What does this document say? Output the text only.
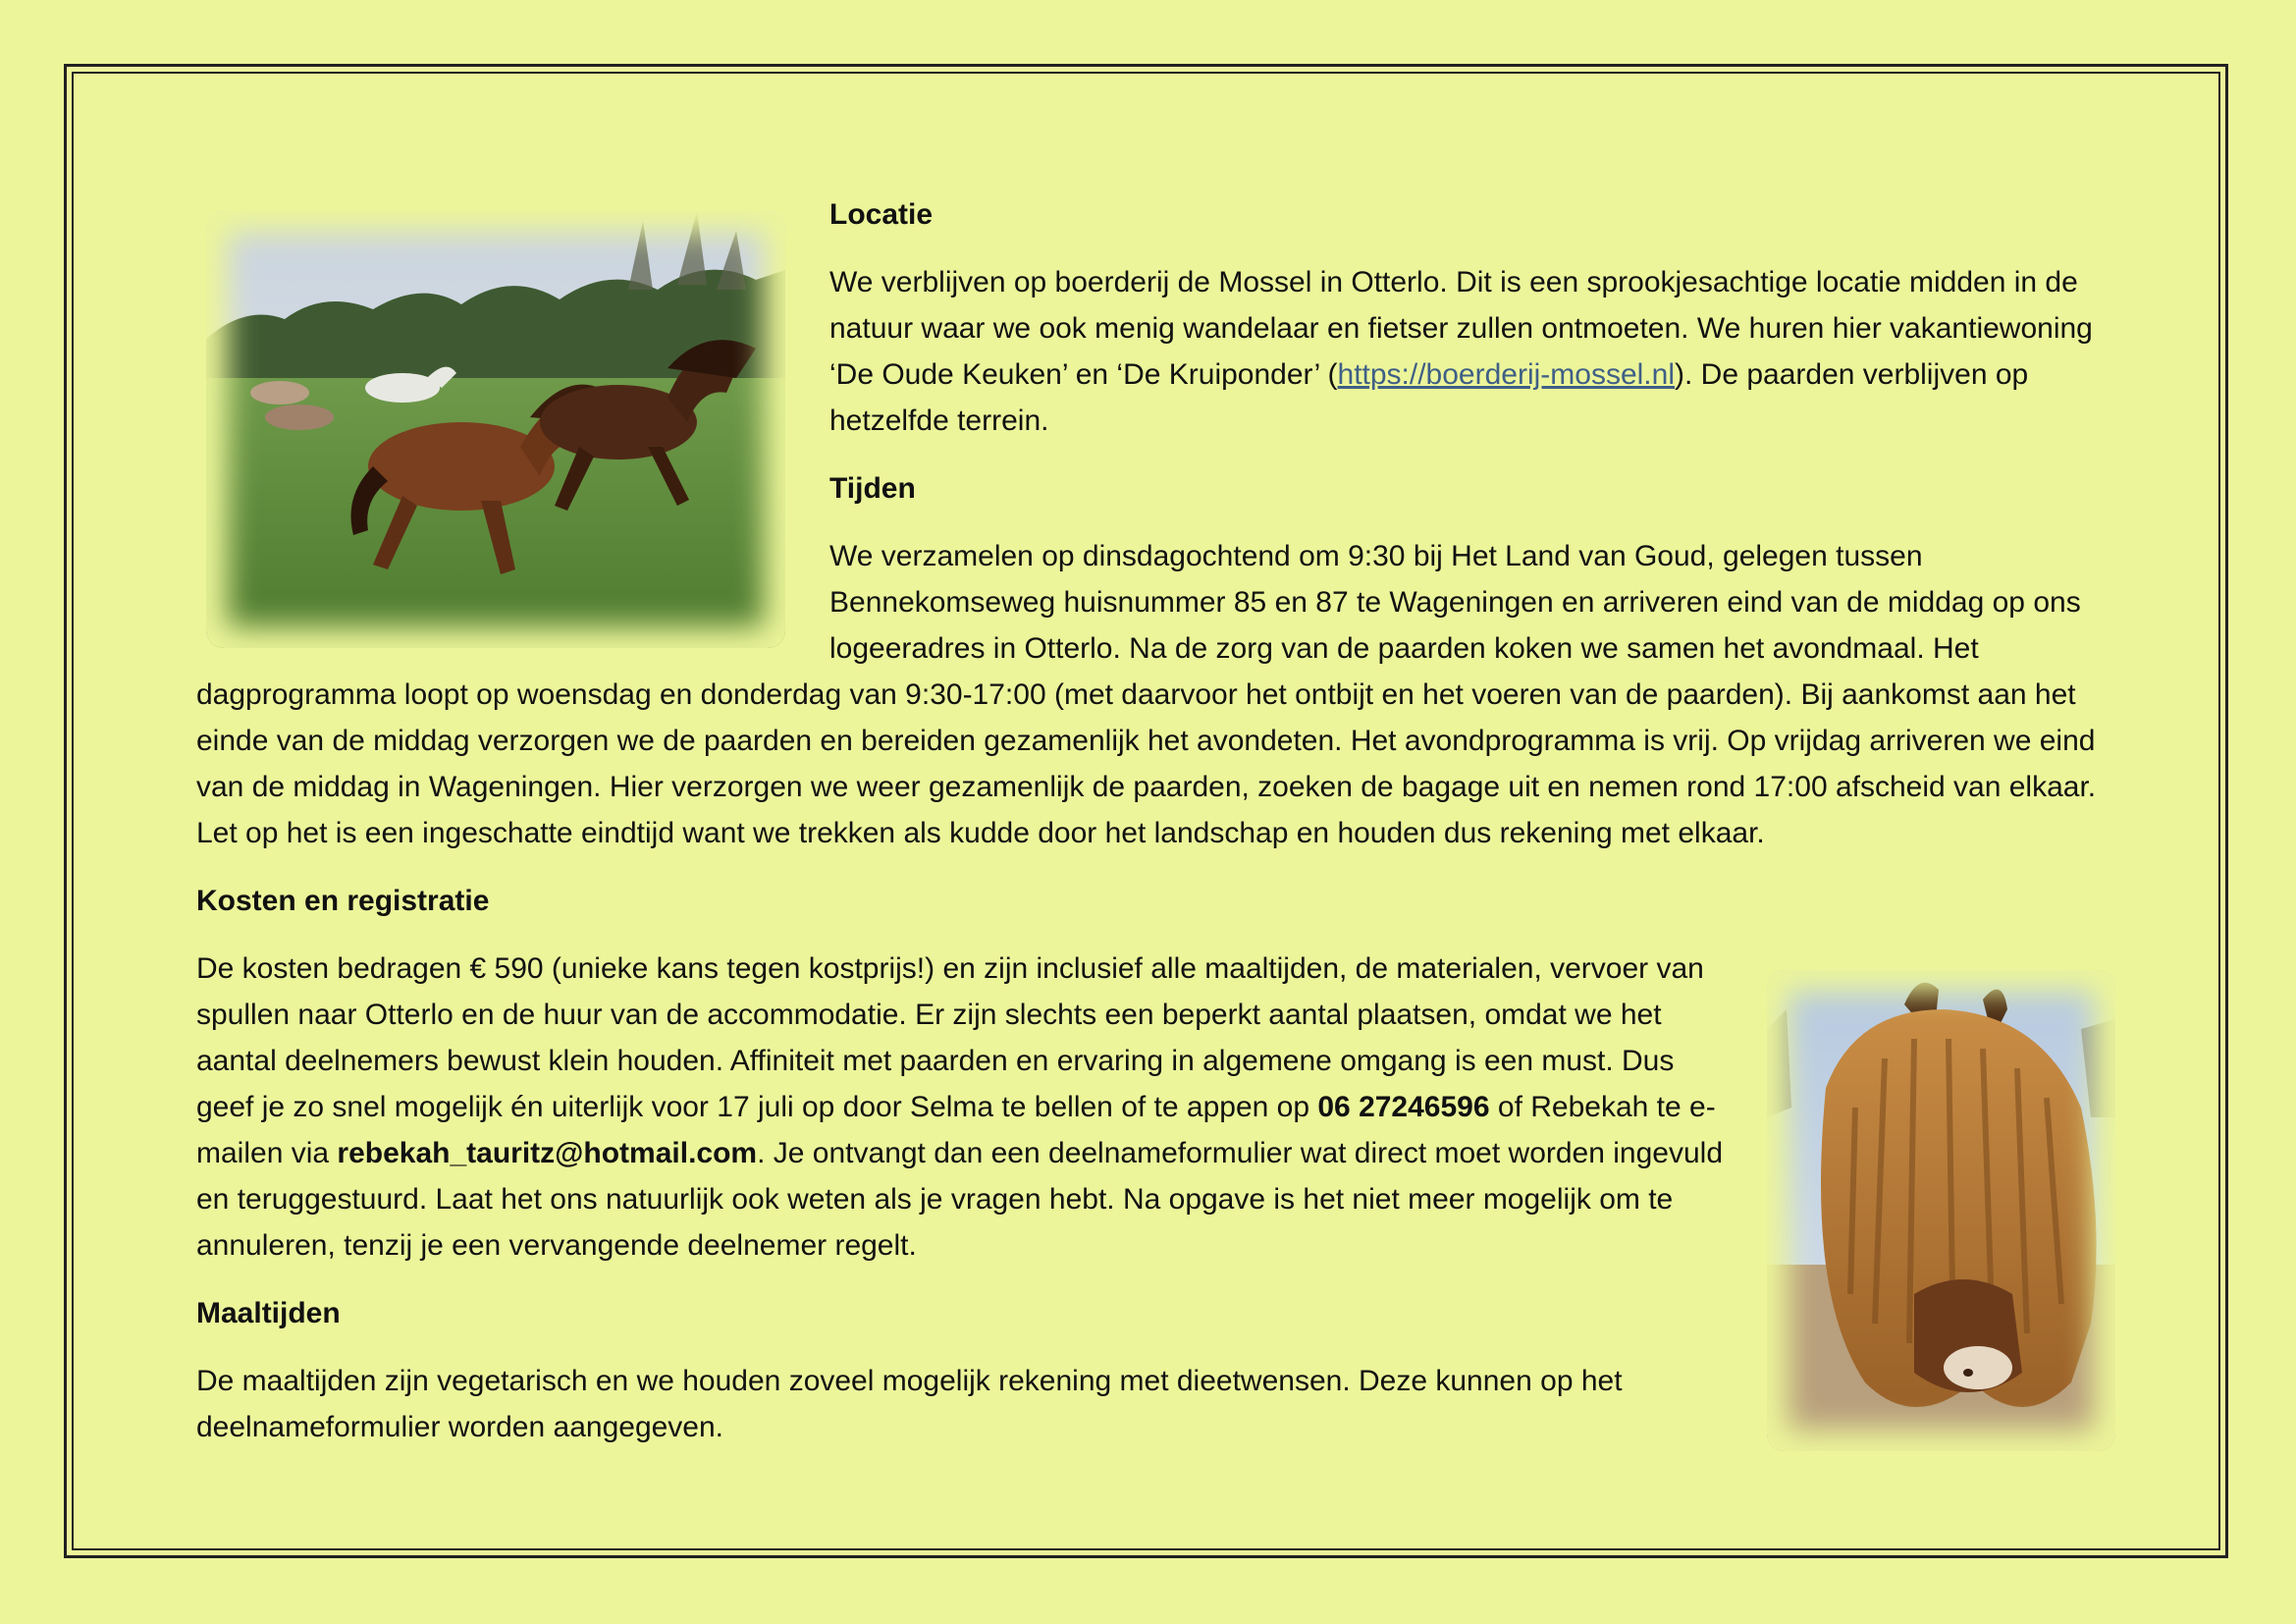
Locatie

We verblijven op boerderij de Mossel in Otterlo. Dit is een sprookjesachtige locatie midden in de natuur waar we ook menig wandelaar en fietser zullen ontmoeten. We huren hier vakantiewoning ‘De Oude Keuken’ en ‘De Kruiponder’ (https://boerderij-mossel.nl). De paarden verblijven op hetzelfde terrein.

Tijden

We verzamelen op dinsdagochtend om 9:30 bij Het Land van Goud, gelegen tussen Bennekomseweg huisnummer 85 en 87 te Wageningen en arriveren eind van de middag op ons logeeradres in Otterlo. Na de zorg van de paarden koken we samen het avondmaal. Het dagprogramma loopt op woensdag en donderdag van 9:30-17:00 (met daarvoor het ontbijt en het voeren van de paarden). Bij aankomst aan het einde van de middag verzorgen we de paarden en bereiden gezamenlijk het avondeten. Het avondprogramma is vrij. Op vrijdag arriveren we eind van de middag in Wageningen. Hier verzorgen we weer gezamenlijk de paarden, zoeken de bagage uit en nemen rond 17:00 afscheid van elkaar. Let op het is een ingeschatte eindtijd want we trekken als kudde door het landschap en houden dus rekening met elkaar.

Kosten en registratie

De kosten bedragen € 590 (unieke kans tegen kostprijs!) en zijn inclusief alle maaltijden, de materialen, vervoer van spullen naar Otterlo en de huur van de accommodatie. Er zijn slechts een beperkt aantal plaatsen, omdat we het aantal deelnemers bewust klein houden. Affiniteit met paarden en ervaring in algemene omgang is een must. Dus geef je zo snel mogelijk én uiterlijk voor 17 juli op door Selma te bellen of te appen op 06 27246596 of Rebekah te e-mailen via rebekah_tauritz@hotmail.com. Je ontvangt dan een deelnameformulier wat direct moet worden ingevuld en teruggestuurd. Laat het ons natuurlijk ook weten als je vragen hebt. Na opgave is het niet meer mogelijk om te annuleren, tenzij je een vervangende deelnemer regelt.

Maaltijden

De maaltijden zijn vegetarisch en we houden zoveel mogelijk rekening met dieetwensen. Deze kunnen op het deelnameformulier worden aangegeven.
